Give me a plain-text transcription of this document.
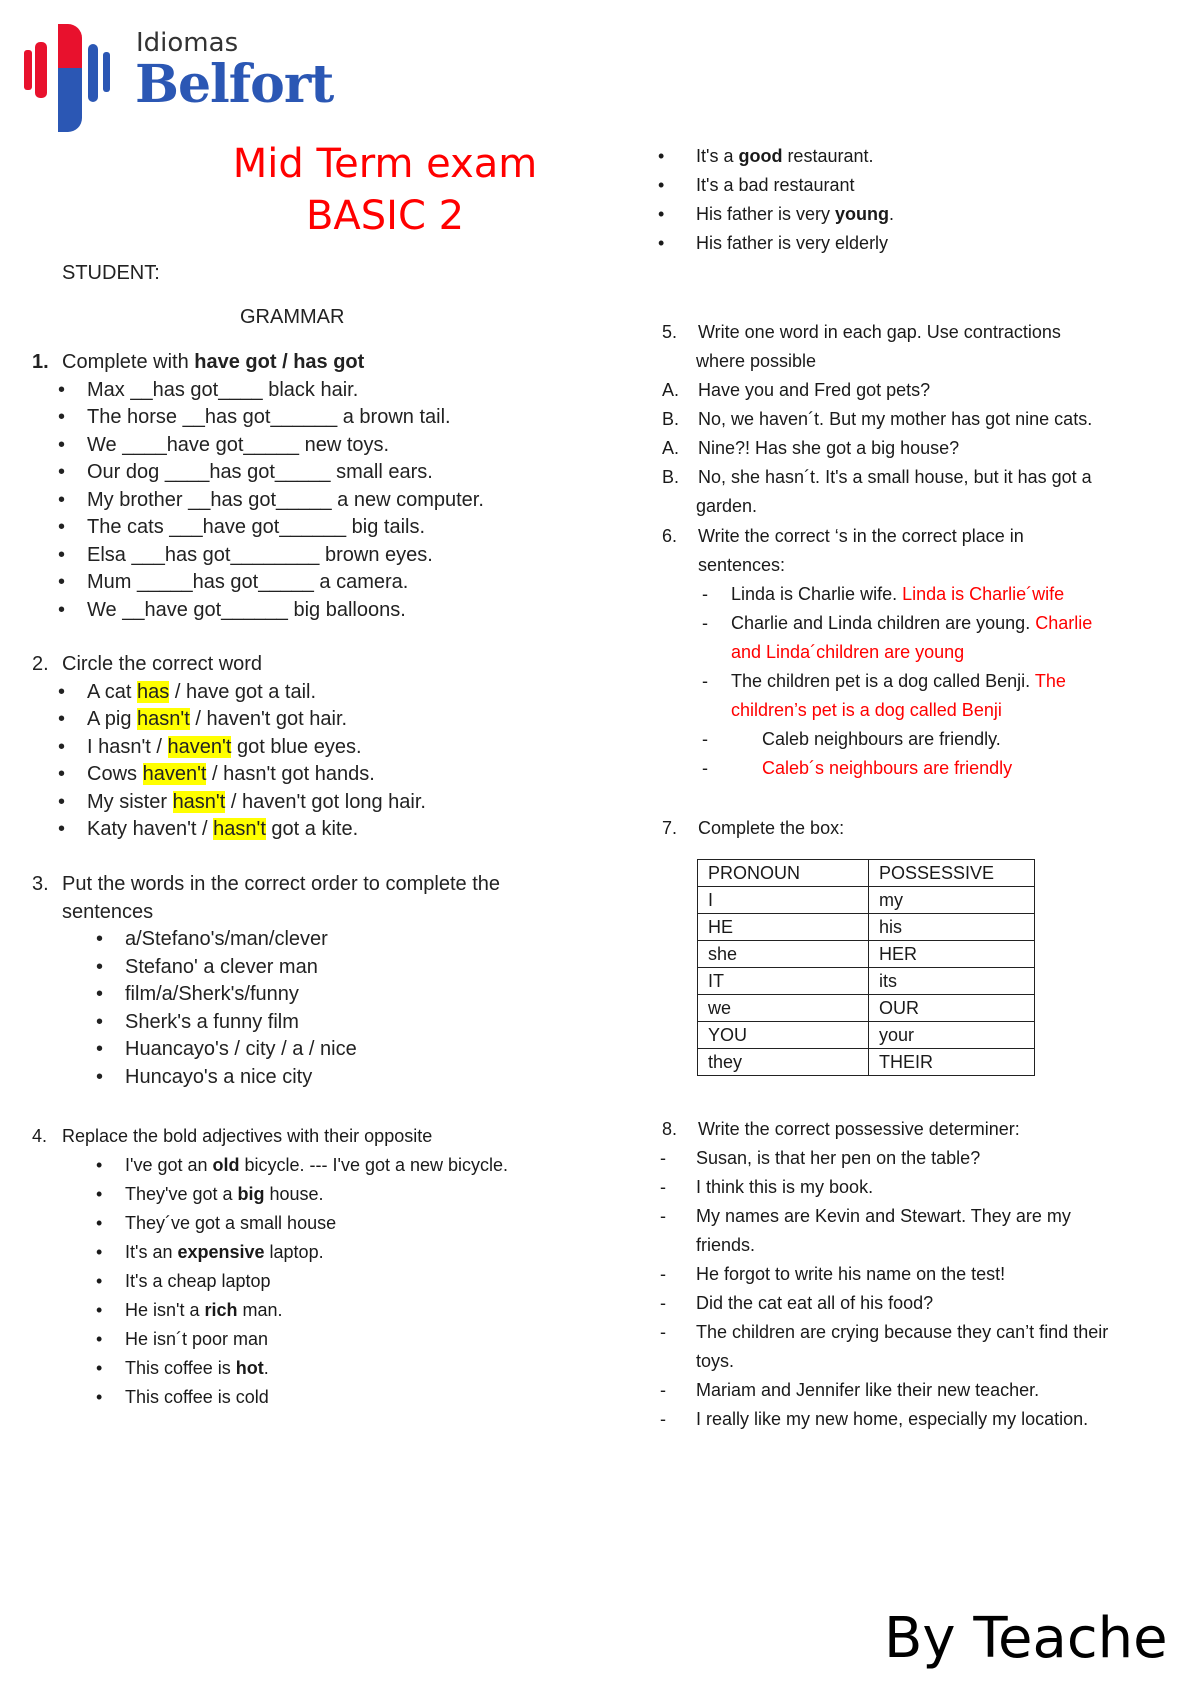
Idiomas
Belfort
Mid Term exam
BASIC 2
STUDENT:
GRAMMAR
1. Complete with have got / has got
• Max __has got____ black hair.
• The horse __has got______ a brown tail.
• We ____have got_____ new toys.
• Our dog ____has got_____ small ears.
• My brother __has got_____ a new computer.
• The cats ___have got______ big tails.
• Elsa ___has got________ brown eyes.
• Mum _____has got_____ a camera.
• We __have got______ big balloons.
2. Circle the correct word
• A cat has / have got a tail.
• A pig hasn't / haven't got hair.
• I hasn't / haven't got blue eyes.
• Cows haven't / hasn't got hands.
• My sister hasn't / haven't got long hair.
• Katy haven't / hasn't got a kite.
3. Put the words in the correct order to complete the
sentences
• a/Stefano's/man/clever
• Stefano' a clever man
• film/a/Sherk's/funny
• Sherk's a funny film
• Huancayo's / city / a / nice
• Huncayo's a nice city
4. Replace the bold adjectives with their opposite
• I've got an old bicycle. --- I've got a new bicycle.
• They've got a big house.
• They´ve got a small house
• It's an expensive laptop.
• It's a cheap laptop
• He isn't a rich man.
• He isn´t poor man
• This coffee is hot.
• This coffee is cold
• It's a good restaurant.
• It's a bad restaurant
• His father is very young.
• His father is very elderly
5. Write one word in each gap. Use contractions
where possible
A. Have you and Fred got pets?
B. No, we haven´t. But my mother has got nine cats.
A. Nine?! Has she got a big house?
B. No, she hasn´t. It's a small house, but it has got a
garden.
6. Write the correct ‘s in the correct place in
sentences:
- Linda is Charlie wife. Linda is Charlie´wife
- Charlie and Linda children are young. Charlie
and Linda´children are young
- The children pet is a dog called Benji. The
children’s pet is a dog called Benji
-	Caleb neighbours are friendly.
-	Caleb´s neighbours are friendly
7. Complete the box:
PRONOUN	POSSESSIVE
I	my
HE	his
she	HER
IT	its
we	OUR
YOU	your
they	THEIR
8. Write the correct possessive determiner:
- Susan, is that her pen on the table?
- I think this is my book.
- My names are Kevin and Stewart. They are my
friends.
- He forgot to write his name on the test!
- Did the cat eat all of his food?
- The children are crying because they can’t find their
toys.
- Mariam and Jennifer like their new teacher.
- I really like my new home, especially my location.
By Teache
